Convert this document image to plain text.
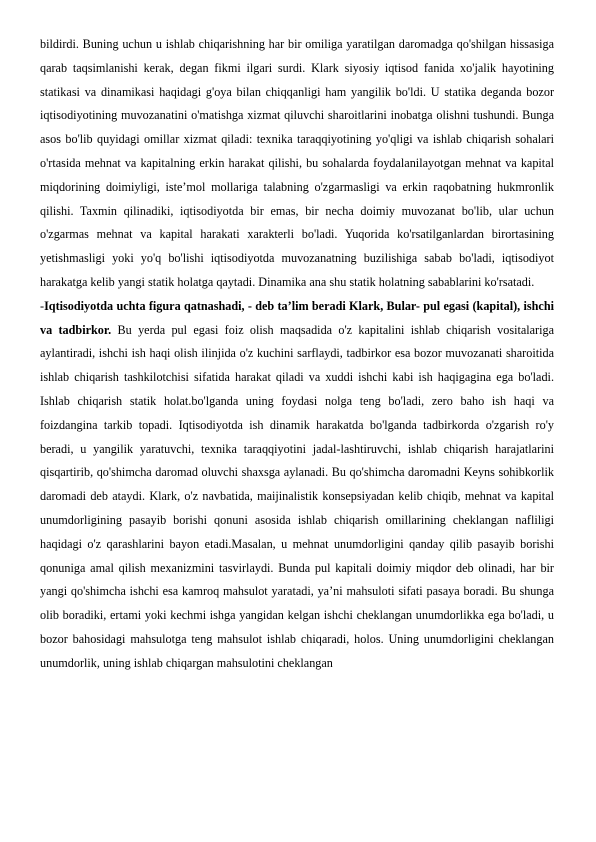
bildirdi. Buning uchun u ishlab chiqarishning har bir omiliga yaratilgan daromadga qo'shilgan hissasiga qarab taqsimlanishi kerak, degan fikmi ilgari surdi. Klark siyosiy iqtisod fanida xo'jalik hayotining statikasi va dinamikasi haqidagi g'oya bilan chiqqanligi ham yangilik bo'ldi. U statika deganda bozor iqtisodiyotining muvozanatini o'matishga xizmat qiluvchi sharoitlarini inobatga olishni tushundi. Bunga asos bo'lib quyidagi omillar xizmat qiladi: texnika taraqqiyotining yo'qligi va ishlab chiqarish sohalari o'rtasida mehnat va kapitalning erkin harakat qilishi, bu sohalarda foydalanilayotgan mehnat va kapital miqdorining doimiyligi, iste’mol mollariga talabning o'zgarmasligi va erkin raqobatning hukmronlik qilishi. Taxmin qilinadiki, iqtisodiyotda bir emas, bir necha doimiy muvozanat bo'lib, ular uchun o'zgarmas mehnat va kapital harakati xarakterli bo'ladi. Yuqorida ko'rsatilganlardan birortasining yetishmasligi yoki yo'q bo'lishi iqtisodiyotda muvozanatning buzilishiga sabab bo'ladi, iqtisodiyot harakatga kelib yangi statik holatga qaytadi. Dinamika ana shu statik holatning sabablarini ko'rsatadi.

-Iqtisodiyotda uchta figura qatnashadi, - deb ta’lim beradi Klark, Bular- pul egasi (kapital), ishchi va tadbirkor. Bu yerda pul egasi foiz olish maqsadida o'z kapitalini ishlab chiqarish vositalariga aylantiradi, ishchi ish haqi olish ilinjida o'z kuchini sarflaydi, tadbirkor esa bozor muvozanati sharoitida ishlab chiqarish tashkilotchisi sifatida harakat qiladi va xuddi ishchi kabi ish haqigagina ega bo'ladi. Ishlab chiqarish statik holat.bo'lganda uning foydasi nolga teng bo'ladi, zero baho ish haqi va foizdangina tarkib topadi. Iqtisodiyotda ish dinamik harakatda bo'lganda tadbirkorda o'zgarish ro'y beradi, u yangilik yaratuvchi, texnika taraqqiyotini jadal-lashtiruvchi, ishlab chiqarish harajatlarini qisqartirib, qo'shimcha daromad oluvchi shaxsga aylanadi. Bu qo'shimcha daromadni Keyns sohibkorlik daromadi deb ataydi. Klark, o'z navbatida, maijinalistik konsepsiyadan kelib chiqib, mehnat va kapital unumdorligining pasayib borishi qonuni asosida ishlab chiqarish omillarining cheklangan nafliligi haqidagi o'z qarashlarini bayon etadi.Masalan, u mehnat unumdorligini qanday qilib pasayib borishi qonuniga amal qilish mexanizmini tasvirlaydi. Bunda pul kapitali doimiy miqdor deb olinadi, har bir yangi qo'shimcha ishchi esa kamroq mahsulot yaratadi, ya’ni mahsuloti sifati pasaya boradi. Bu shunga olib boradiki, ertami yoki kechmi ishga yangidan kelgan ishchi cheklangan unumdorlikka ega bo'ladi, u bozor bahosidagi mahsulotga teng mahsulot ishlab chiqaradi, holos. Uning unumdorligini cheklangan unumdorlik, uning ishlab chiqargan mahsulotini cheklangan
